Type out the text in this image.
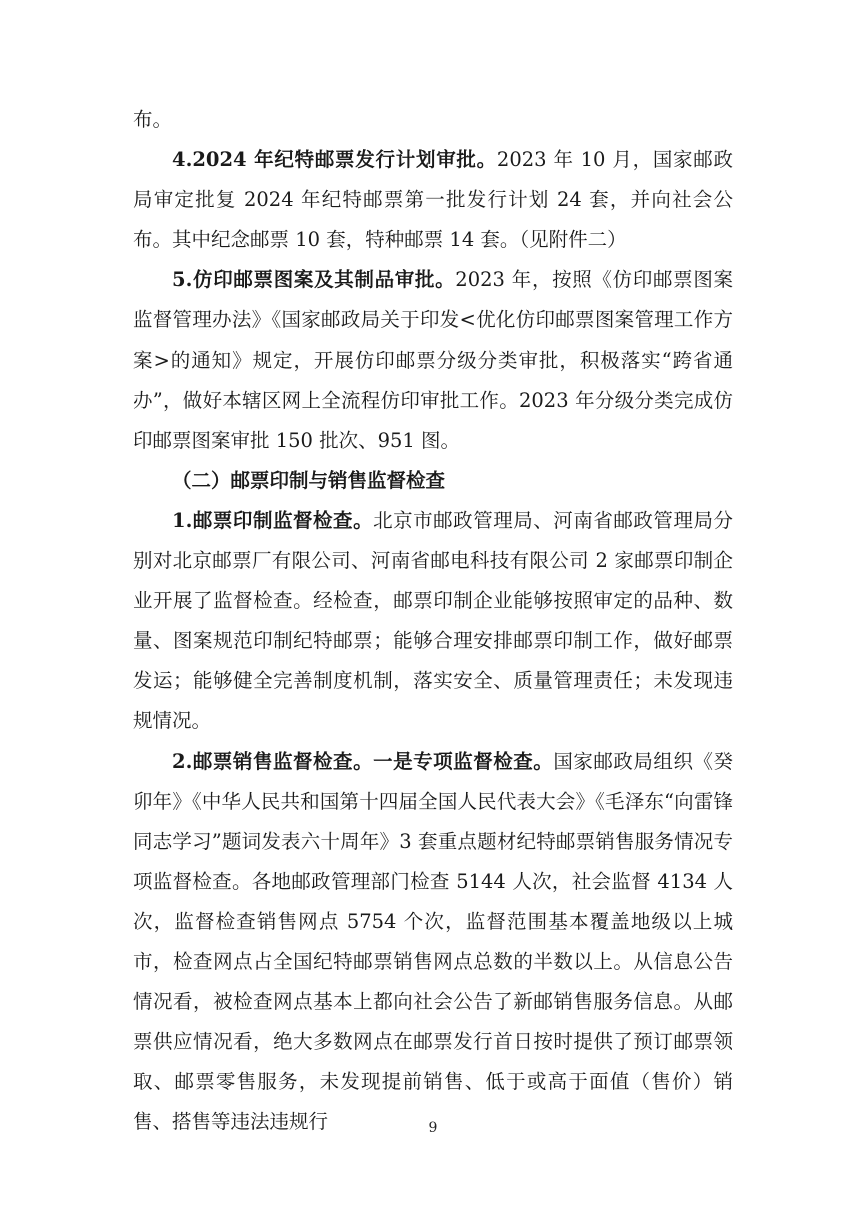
布。

4.2024 年纪特邮票发行计划审批。2023 年 10 月，国家邮政局审定批复 2024 年纪特邮票第一批发行计划 24 套，并向社会公布。其中纪念邮票 10 套，特种邮票 14 套。（见附件二）

5.仿印邮票图案及其制品审批。2023 年，按照《仿印邮票图案监督管理办法》《国家邮政局关于印发<优化仿印邮票图案管理工作方案>的通知》规定，开展仿印邮票分级分类审批，积极落实“跨省通办”，做好本辖区网上全流程仿印审批工作。2023 年分级分类完成仿印邮票图案审批 150 批次、951 图。

（二）邮票印制与销售监督检查

1.邮票印制监督检查。北京市邮政管理局、河南省邮政管理局分别对北京邮票厂有限公司、河南省邮电科技有限公司 2 家邮票印制企业开展了监督检查。经检查，邮票印制企业能够按照审定的品种、数量、图案规范印制纪特邮票；能够合理安排邮票印制工作，做好邮票发运；能够健全完善制度机制，落实安全、质量管理责任；未发现违规情况。

2.邮票销售监督检查。一是专项监督检查。国家邮政局组织《癸卯年》《中华人民共和国第十四届全国人民代表大会》《毛泽东“向雷锋同志学习”题词发表六十周年》3 套重点题材纪特邮票销售服务情况专项监督检查。各地邮政管理部门检查 5144 人次，社会监督 4134 人次，监督检查销售网点 5754 个次，监督范围基本覆盖地级以上城市，检查网点占全国纪特邮票销售网点总数的半数以上。从信息公告情况看，被检查网点基本上都向社会公告了新邮销售服务信息。从邮票供应情况看，绝大多数网点在邮票发行首日按时提供了预订邮票领取、邮票零售服务，未发现提前销售、低于或高于面值（售价）销售、搭售等违法违规行	9
